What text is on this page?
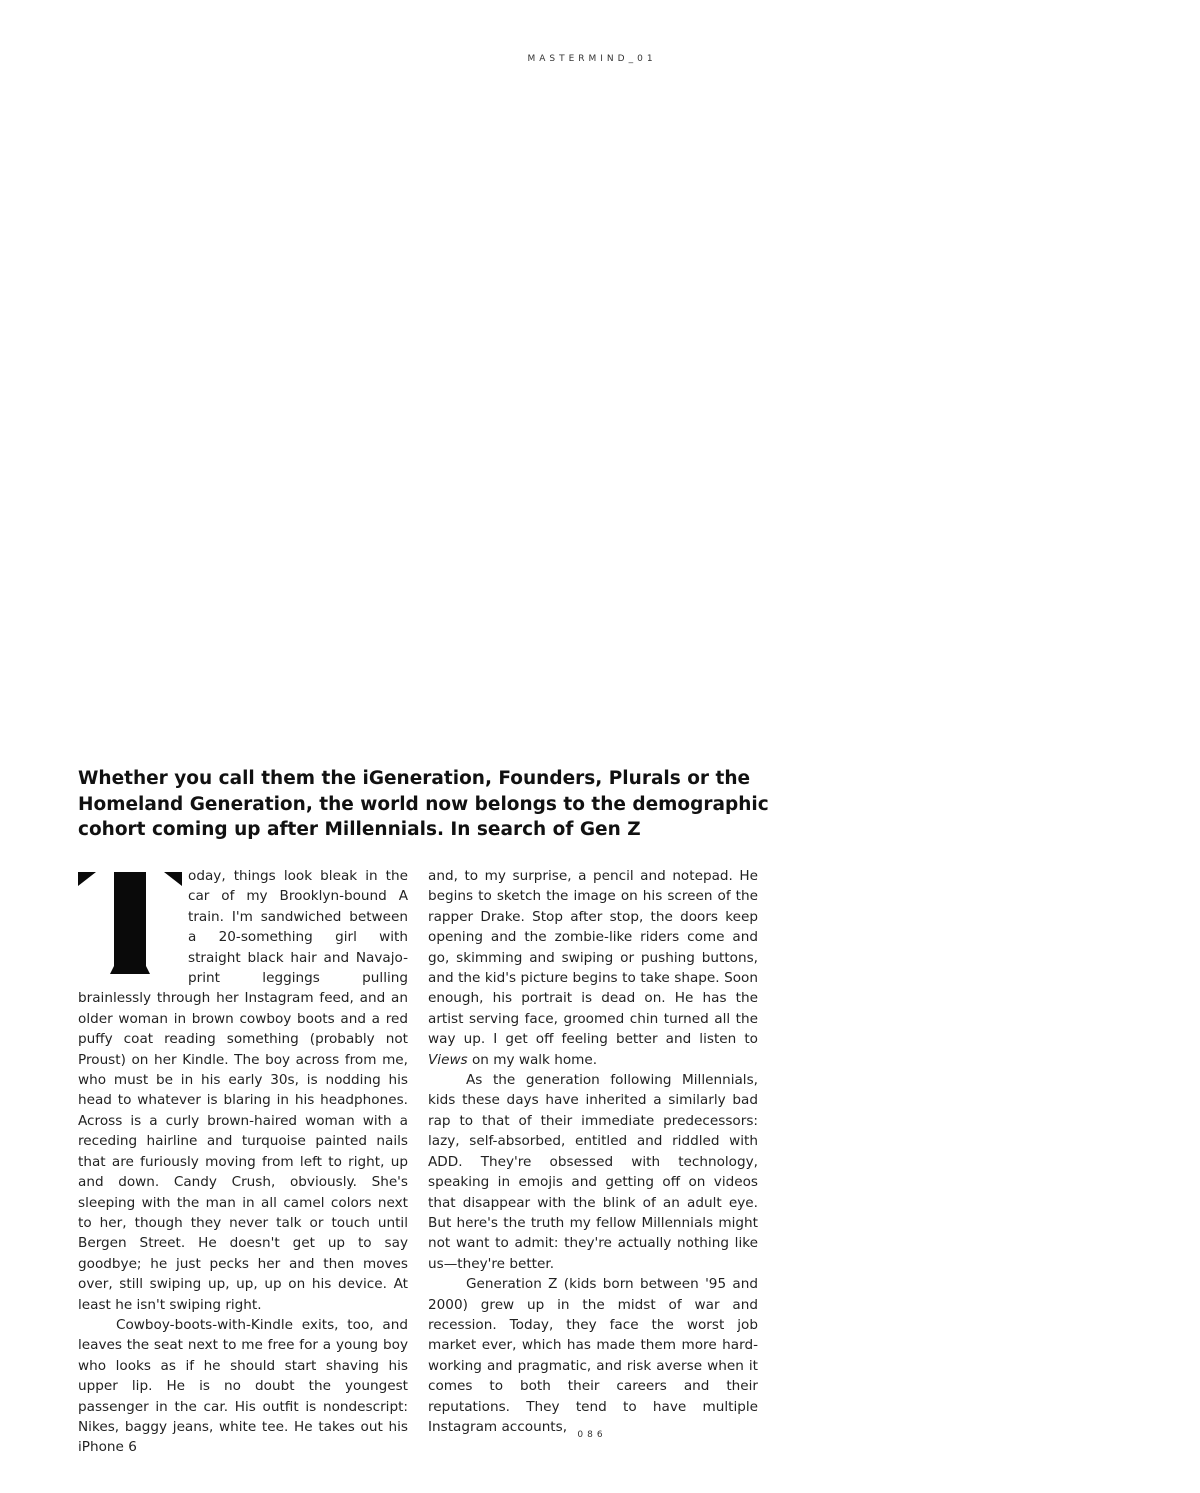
MASTERMIND_01
Whether you call them the iGeneration, Founders, Plurals or the Homeland Generation, the world now belongs to the demographic cohort coming up after Millennials. In search of Gen Z

oday, things look bleak in the car of my Brooklyn-bound A train. I'm sandwiched between a 20-something girl with straight black hair and Navajo-print leggings pulling brainlessly through her Instagram feed, and an older woman in brown cowboy boots and a red puffy coat reading something (probably not Proust) on her Kindle. The boy across from me, who must be in his early 30s, is nodding his head to whatever is blaring in his headphones. Across is a curly brown-haired woman with a receding hairline and turquoise painted nails that are furiously moving from left to right, up and down. Candy Crush, obviously. She's sleeping with the man in all camel colors next to her, though they never talk or touch until Bergen Street. He doesn't get up to say goodbye; he just pecks her and then moves over, still swiping up, up, up on his device. At least he isn't swiping right.

Cowboy-boots-with-Kindle exits, too, and leaves the seat next to me free for a young boy who looks as if he should start shaving his upper lip. He is no doubt the youngest passenger in the car. His outfit is nondescript: Nikes, baggy jeans, white tee. He takes out his iPhone 6

and, to my surprise, a pencil and notepad. He begins to sketch the image on his screen of the rapper Drake. Stop after stop, the doors keep opening and the zombie-like riders come and go, skimming and swiping or pushing buttons, and the kid's picture begins to take shape. Soon enough, his portrait is dead on. He has the artist serving face, groomed chin turned all the way up. I get off feeling better and listen to Views on my walk home.

As the generation following Millennials, kids these days have inherited a similarly bad rap to that of their immediate predecessors: lazy, self-absorbed, entitled and riddled with ADD. They're obsessed with technology, speaking in emojis and getting off on videos that disappear with the blink of an adult eye. But here's the truth my fellow Millennials might not want to admit: they're actually nothing like us—they're better.

Generation Z (kids born between '95 and 2000) grew up in the midst of war and recession. Today, they face the worst job market ever, which has made them more hard-working and pragmatic, and risk averse when it comes to both their careers and their reputations. They tend to have multiple Instagram accounts,

086
